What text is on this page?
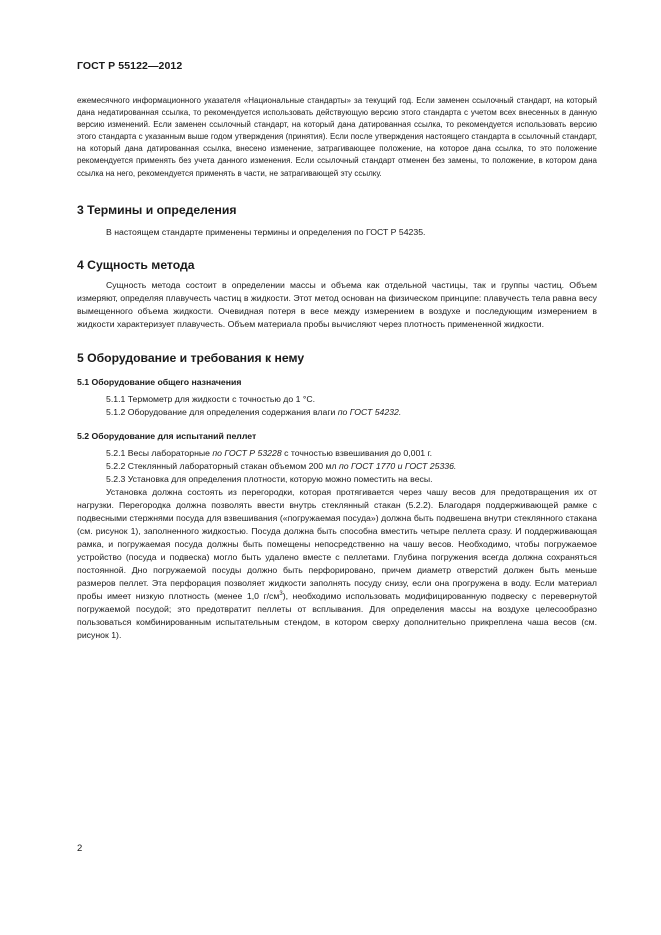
ГОСТ Р 55122—2012

ежемесячного информационного указателя «Национальные стандарты» за текущий год. Если заменен ссылочный стандарт, на который дана недатированная ссылка, то рекомендуется использовать действующую версию этого стандарта с учетом всех внесенных в данную версию изменений. Если заменен ссылочный стандарт, на который дана датированная ссылка, то рекомендуется использовать версию этого стандарта с указанным выше годом утверждения (принятия). Если после утверждения настоящего стандарта в ссылочный стандарт, на который дана датированная ссылка, внесено изменение, затрагивающее положение, на которое дана ссылка, то это положение рекомендуется применять без учета данного изменения. Если ссылочный стандарт отменен без замены, то положение, в котором дана ссылка на него, рекомендуется применять в части, не затрагивающей эту ссылку.

3 Термины и определения

В настоящем стандарте применены термины и определения по ГОСТ Р 54235.

4 Сущность метода

Сущность метода состоит в определении массы и объема как отдельной частицы, так и группы частиц. Объем измеряют, определяя плавучесть частиц в жидкости. Этот метод основан на физическом принципе: плавучесть тела равна весу вымещенного объема жидкости. Очевидная потеря в весе между измерением в воздухе и последующим измерением в жидкости характеризует плавучесть. Объем материала пробы вычисляют через плотность примененной жидкости.

5 Оборудование и требования к нему
5.1 Оборудование общего назначения

5.1.1 Термометр для жидкости с точностью до 1 °С.

5.1.2 Оборудование для определения содержания влаги по ГОСТ 54232.

5.2 Оборудование для испытаний пеллет

5.2.1 Весы лабораторные по ГОСТ Р 53228 с точностью взвешивания до 0,001 г.

5.2.2 Стеклянный лабораторный стакан объемом 200 мл по ГОСТ 1770 и ГОСТ 25336.

5.2.3 Установка для определения плотности, которую можно поместить на весы.

Установка должна состоять из перегородки, которая протягивается через чашу весов для предотвращения их от нагрузки. Перегородка должна позволять ввести внутрь стеклянный стакан (5.2.2). Благодаря поддерживающей рамке с подвесными стержнями посуда для взвешивания («погружаемая посуда») должна быть подвешена внутри стеклянного стакана (см. рисунок 1), заполненного жидкостью. Посуда должна быть способна вместить четыре пеллета сразу. И поддерживающая рамка, и погружаемая посуда должны быть помещены непосредственно на чашу весов. Необходимо, чтобы погружаемое устройство (посуда и подвеска) могло быть удалено вместе с пеллетами. Глубина погружения всегда должна сохраняться постоянной. Дно погружаемой посуды должно быть перфорировано, причем диаметр отверстий должен быть меньше размеров пеллет. Эта перфорация позволяет жидкости заполнять посуду снизу, если она прогружена в воду. Если материал пробы имеет низкую плотность (менее 1,0 $г/см^3$), необходимо использовать модифицированную подвеску с перевернутой погружаемой посудой; это предотвратит пеллеты от всплывания. Для определения массы на воздухе целесообразно пользоваться комбинированным испытательным стендом, в котором сверху дополнительно прикреплена чаша весов (см. рисунок 1).

2
